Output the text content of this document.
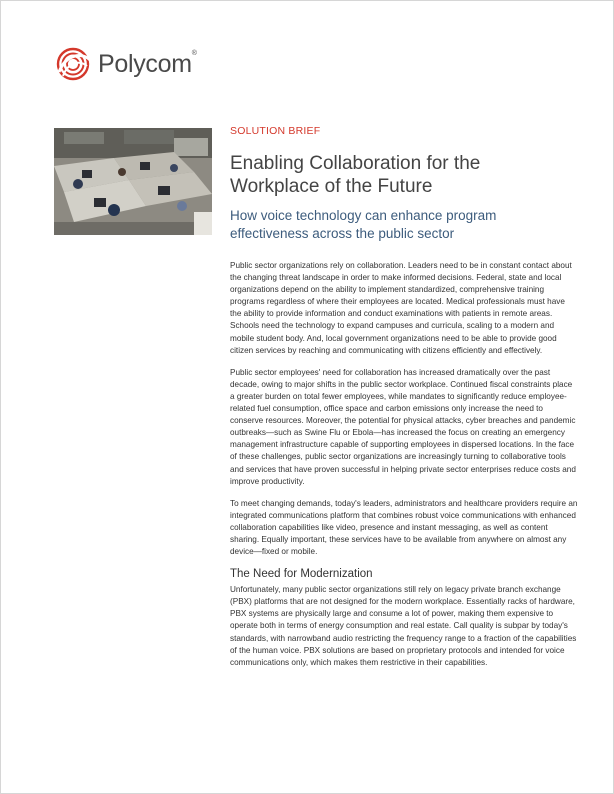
Polycom®
SOLUTION BRIEF
Enabling Collaboration for the Workplace of the Future
How voice technology can enhance program effectiveness across the public sector

Public sector organizations rely on collaboration. Leaders need to be in constant contact about the changing threat landscape in order to make informed decisions. Federal, state and local organizations depend on the ability to implement standardized, comprehensive training programs regardless of where their employees are located. Medical professionals must have the ability to provide information and conduct examinations with patients in remote areas. Schools need the technology to expand campuses and curricula, scaling to a modern and mobile student body. And, local government organizations need to be able to provide good citizen services by reaching and communicating with citizens efficiently and effectively.

Public sector employees' need for collaboration has increased dramatically over the past decade, owing to major shifts in the public sector workplace. Continued fiscal constraints place a greater burden on total fewer employees, while mandates to significantly reduce employee-related fuel consumption, office space and carbon emissions only increase the need to conserve resources. Moreover, the potential for physical attacks, cyber breaches and pandemic outbreaks—such as Swine Flu or Ebola—has increased the focus on creating an emergency management infrastructure capable of supporting employees in dispersed locations. In the face of these challenges, public sector organizations are increasingly turning to collaborative tools and services that have proven successful in helping private sector enterprises reduce costs and improve productivity.

To meet changing demands, today's leaders, administrators and healthcare providers require an integrated communications platform that combines robust voice communications with enhanced collaboration capabilities like video, presence and instant messaging, as well as content sharing. Equally important, these services have to be available from anywhere on almost any device—fixed or mobile.

The Need for Modernization

Unfortunately, many public sector organizations still rely on legacy private branch exchange (PBX) platforms that are not designed for the modern workplace. Essentially racks of hardware, PBX systems are physically large and consume a lot of power, making them expensive to operate both in terms of energy consumption and real estate. Call quality is subpar by today's standards, with narrowband audio restricting the frequency range to a fraction of the capabilities of the human voice. PBX solutions are based on proprietary protocols and intended for voice communications only, which makes them restrictive in their capabilities.
